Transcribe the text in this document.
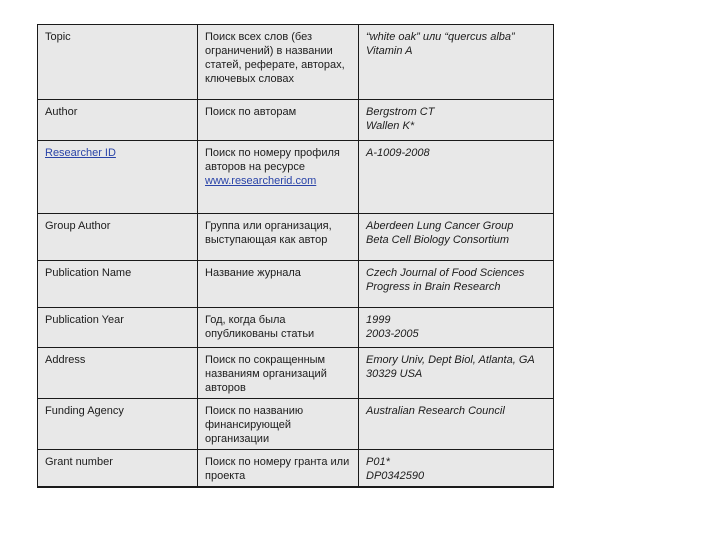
Topic	Поиск всех слов (без ограничений) в названии статей, реферате, авторах, ключевых словах	“white oak” или “quercus alba”
Vitamin A

Author	Поиск по авторам	Bergstrom CT
Wallen K*

Researcher ID	Поиск по номеру профиля авторов на ресурсе
www.researcherid.com	A-1009-2008

Group Author	Группа или организация, выступающая как автор	Aberdeen Lung Cancer Group
Beta Cell Biology Consortium

Publication Name	Название журнала	Czech Journal of Food Sciences
Progress in Brain Research

Publication Year	Год, когда была опубликованы статьи	1999
2003-2005

Address	Поиск по сокращенным названиям организаций авторов	Emory Univ, Dept Biol, Atlanta, GA 30329 USA

Funding Agency	Поиск по названию финансирующей организации	Australian Research Council

Grant number	Поиск по номеру гранта или проекта	P01*
DP0342590
